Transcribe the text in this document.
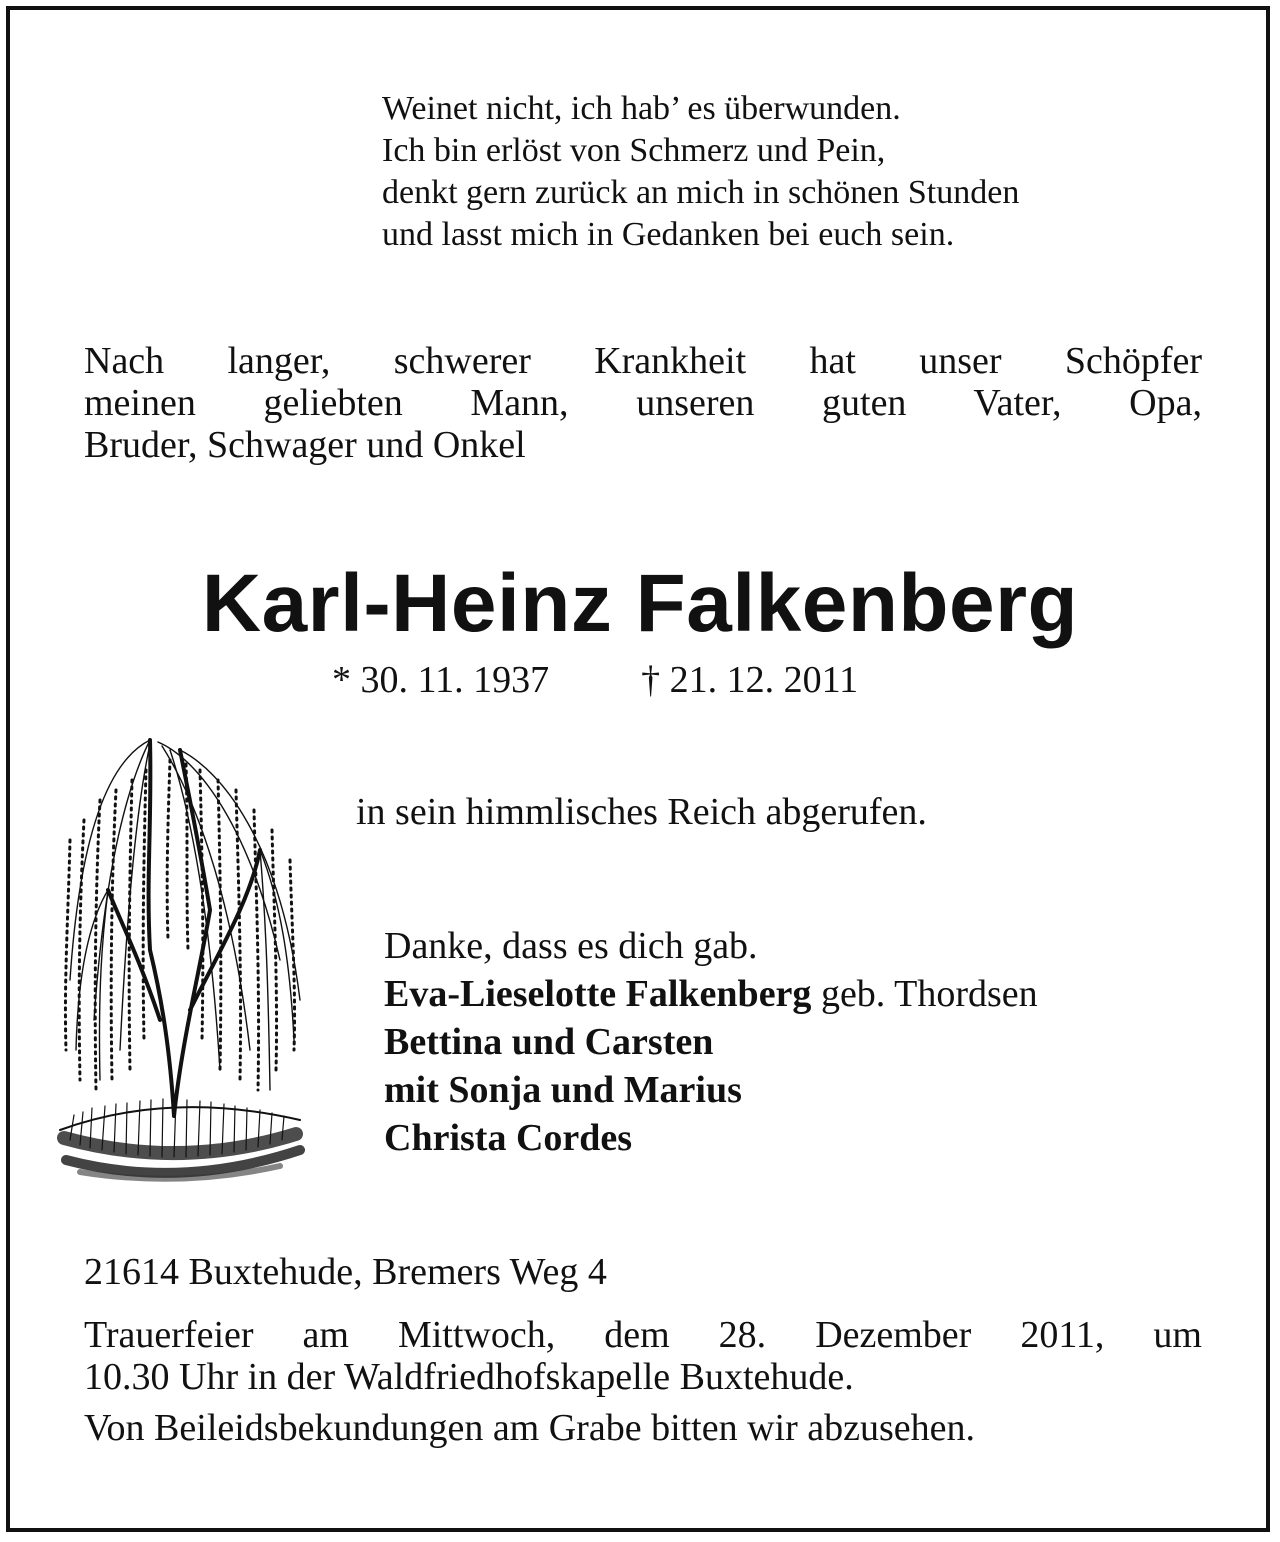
Weinet nicht, ich hab’ es überwunden.
Ich bin erlöst von Schmerz und Pein,
denkt gern zurück an mich in schönen Stunden
und lasst mich in Gedanken bei euch sein.
Nach langer, schwerer Krankheit hat unser Schöpfer
meinen geliebten Mann, unseren guten Vater, Opa,
Bruder, Schwager und Onkel
Karl-Heinz Falkenberg
* 30. 11. 1937 † 21. 12. 2011
in sein himmlisches Reich abgerufen.
Danke, dass es dich gab.
Eva-Lieselotte Falkenberg geb. Thordsen
Bettina und Carsten
mit Sonja und Marius
Christa Cordes
21614 Buxtehude, Bremers Weg 4
Trauerfeier am Mittwoch, dem 28. Dezember 2011, um
10.30 Uhr in der Waldfriedhofskapelle Buxtehude.
Von Beileidsbekundungen am Grabe bitten wir abzusehen.
